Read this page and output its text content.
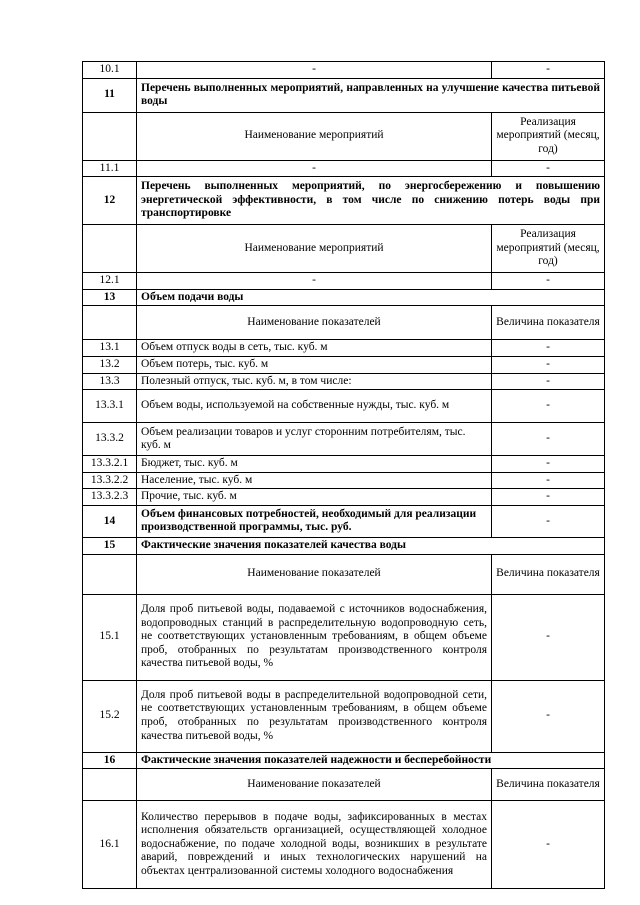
10.1	-	-
11	Перечень выполненных мероприятий, направленных на улучшение качества питьевой воды	
	Наименование мероприятий	Реализация мероприятий (месяц, год)
11.1	-	-
12	Перечень выполненных мероприятий, по энергосбережению и повышению энергетической эффективности, в том числе по снижению потерь воды при транспортировке	
	Наименование мероприятий	Реализация мероприятий (месяц, год)
12.1	-	-
13	Объем подачи воды	
	Наименование показателей	Величина показателя
13.1	Объем отпуск воды в сеть, тыс. куб. м	-
13.2	Объем потерь, тыс. куб. м	-
13.3	Полезный отпуск, тыс. куб. м, в том числе:	-
13.3.1	Объем воды, используемой на собственные нужды, тыс. куб. м	-
13.3.2	Объем реализации товаров и услуг сторонним потребителям, тыс. куб. м	-
13.3.2.1	Бюджет, тыс. куб. м	-
13.3.2.2	Население, тыс. куб. м	-
13.3.2.3	Прочие, тыс. куб. м	-
14	Объем финансовых потребностей, необходимый для реализации производственной программы, тыс. руб.	-
15	Фактические значения показателей качества воды	
	Наименование показателей	Величина показателя
15.1	Доля проб питьевой воды, подаваемой с источников водоснабжения, водопроводных станций в распределительную водопроводную сеть, не соответствующих установленным требованиям, в общем объеме проб, отобранных по результатам производственного контроля качества питьевой воды, %	-
15.2	Доля проб питьевой воды в распределительной водопроводной сети, не соответствующих установленным требованиям, в общем объеме проб, отобранных по результатам производственного контроля качества питьевой воды, %	-
16	Фактические значения показателей надежности и бесперебойности	
	Наименование показателей	Величина показателя
16.1	Количество перерывов в подаче воды, зафиксированных в местах исполнения обязательств организацией, осуществляющей холодное водоснабжение, по подаче холодной воды, возникших в результате аварий, повреждений и иных технологических нарушений на объектах централизованной системы холодного водоснабжения	-
